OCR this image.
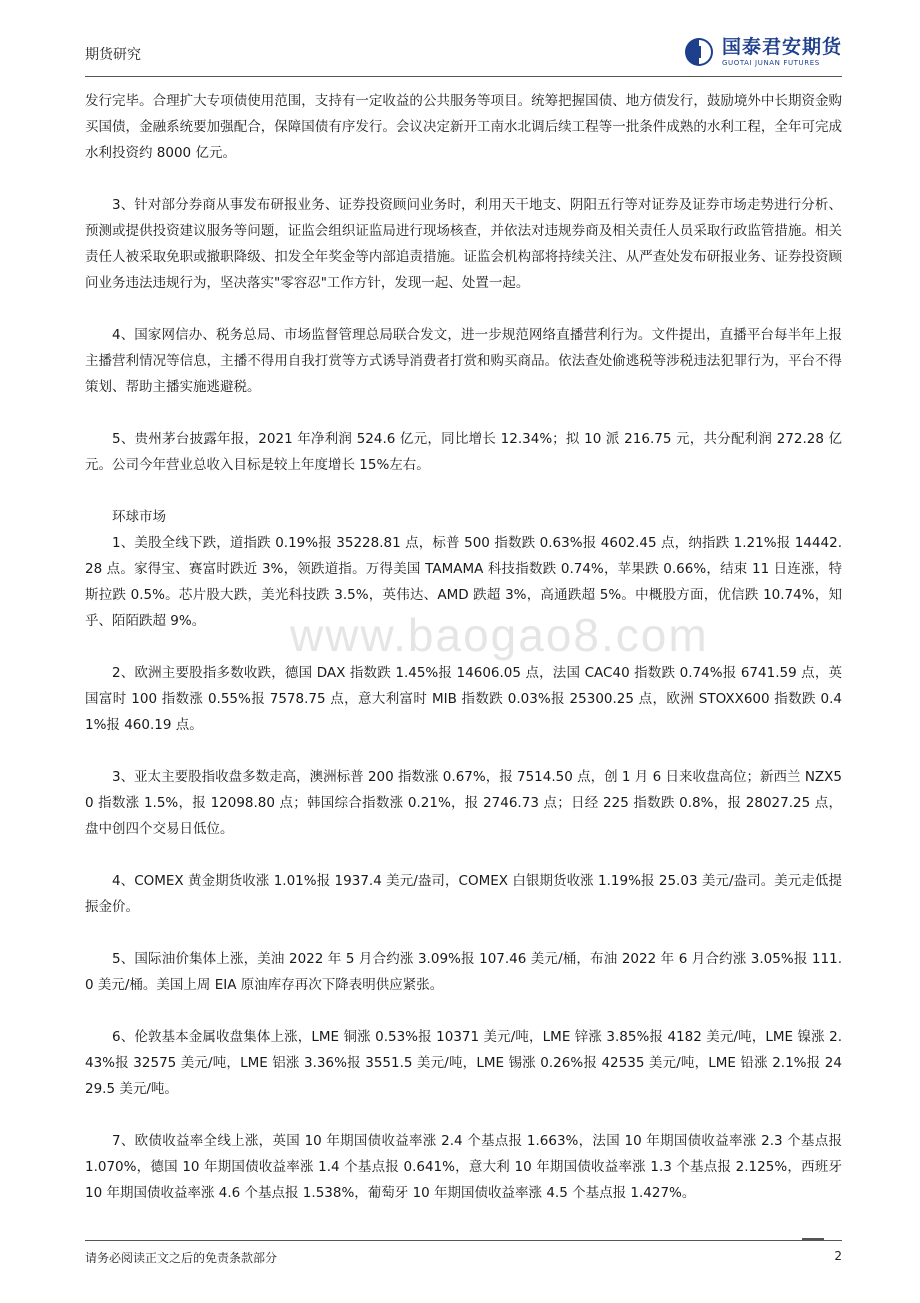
期货研究	国泰君安期货
GUOTAI JUNAN FUTURES
www.baogao8.com

发行完毕。合理扩大专项债使用范围，支持有一定收益的公共服务等项目。统筹把握国债、地方债发行，鼓励境外中长期资金购买国债，金融系统要加强配合，保障国债有序发行。会议决定新开工南水北调后续工程等一批条件成熟的水利工程，全年可完成水利投资约 8000 亿元。

3、针对部分券商从事发布研报业务、证券投资顾问业务时，利用天干地支、阴阳五行等对证券及证券市场走势进行分析、预测或提供投资建议服务等问题，证监会组织证监局进行现场核查，并依法对违规券商及相关责任人员采取行政监管措施。相关责任人被采取免职或撤职降级、扣发全年奖金等内部追责措施。证监会机构部将持续关注、从严查处发布研报业务、证券投资顾问业务违法违规行为，坚决落实"零容忍"工作方针，发现一起、处置一起。

4、国家网信办、税务总局、市场监督管理总局联合发文，进一步规范网络直播营利行为。文件提出，直播平台每半年上报主播营利情况等信息，主播不得用自我打赏等方式诱导消费者打赏和购买商品。依法查处偷逃税等涉税违法犯罪行为，平台不得策划、帮助主播实施逃避税。

5、贵州茅台披露年报，2021 年净利润 524.6 亿元，同比增长 12.34%；拟 10 派 216.75 元，共分配利润 272.28 亿元。公司今年营业总收入目标是较上年度增长 15%左右。

环球市场

1、美股全线下跌，道指跌 0.19%报 35228.81 点，标普 500 指数跌 0.63%报 4602.45 点，纳指跌 1.21%报 14442.28 点。家得宝、赛富时跌近 3%，领跌道指。万得美国 TAMAMA 科技指数跌 0.74%，苹果跌 0.66%，结束 11 日连涨，特斯拉跌 0.5%。芯片股大跌，美光科技跌 3.5%，英伟达、AMD 跌超 3%，高通跌超 5%。中概股方面，优信跌 10.74%，知乎、陌陌跌超 9%。

2、欧洲主要股指多数收跌，德国 DAX 指数跌 1.45%报 14606.05 点，法国 CAC40 指数跌 0.74%报 6741.59 点，英国富时 100 指数涨 0.55%报 7578.75 点，意大利富时 MIB 指数跌 0.03%报 25300.25 点，欧洲 STOXX600 指数跌 0.41%报 460.19 点。

3、亚太主要股指收盘多数走高，澳洲标普 200 指数涨 0.67%，报 7514.50 点，创 1 月 6 日来收盘高位；新西兰 NZX50 指数涨 1.5%，报 12098.80 点；韩国综合指数涨 0.21%，报 2746.73 点；日经 225 指数跌 0.8%，报 28027.25 点，盘中创四个交易日低位。

4、COMEX 黄金期货收涨 1.01%报 1937.4 美元/盎司，COMEX 白银期货收涨 1.19%报 25.03 美元/盎司。美元走低提振金价。

5、国际油价集体上涨，美油 2022 年 5 月合约涨 3.09%报 107.46 美元/桶，布油 2022 年 6 月合约涨 3.05%报 111.0 美元/桶。美国上周 EIA 原油库存再次下降表明供应紧张。

6、伦敦基本金属收盘集体上涨，LME 铜涨 0.53%报 10371 美元/吨，LME 锌涨 3.85%报 4182 美元/吨，LME 镍涨 2.43%报 32575 美元/吨，LME 铝涨 3.36%报 3551.5 美元/吨，LME 锡涨 0.26%报 42535 美元/吨，LME 铅涨 2.1%报 2429.5 美元/吨。

7、欧债收益率全线上涨，英国 10 年期国债收益率涨 2.4 个基点报 1.663%，法国 10 年期国债收益率涨 2.3 个基点报 1.070%，德国 10 年期国债收益率涨 1.4 个基点报 0.641%，意大利 10 年期国债收益率涨 1.3 个基点报 2.125%，西班牙 10 年期国债收益率涨 4.6 个基点报 1.538%，葡萄牙 10 年期国债收益率涨 4.5 个基点报 1.427%。

请务必阅读正文之后的免责条款部分	2
